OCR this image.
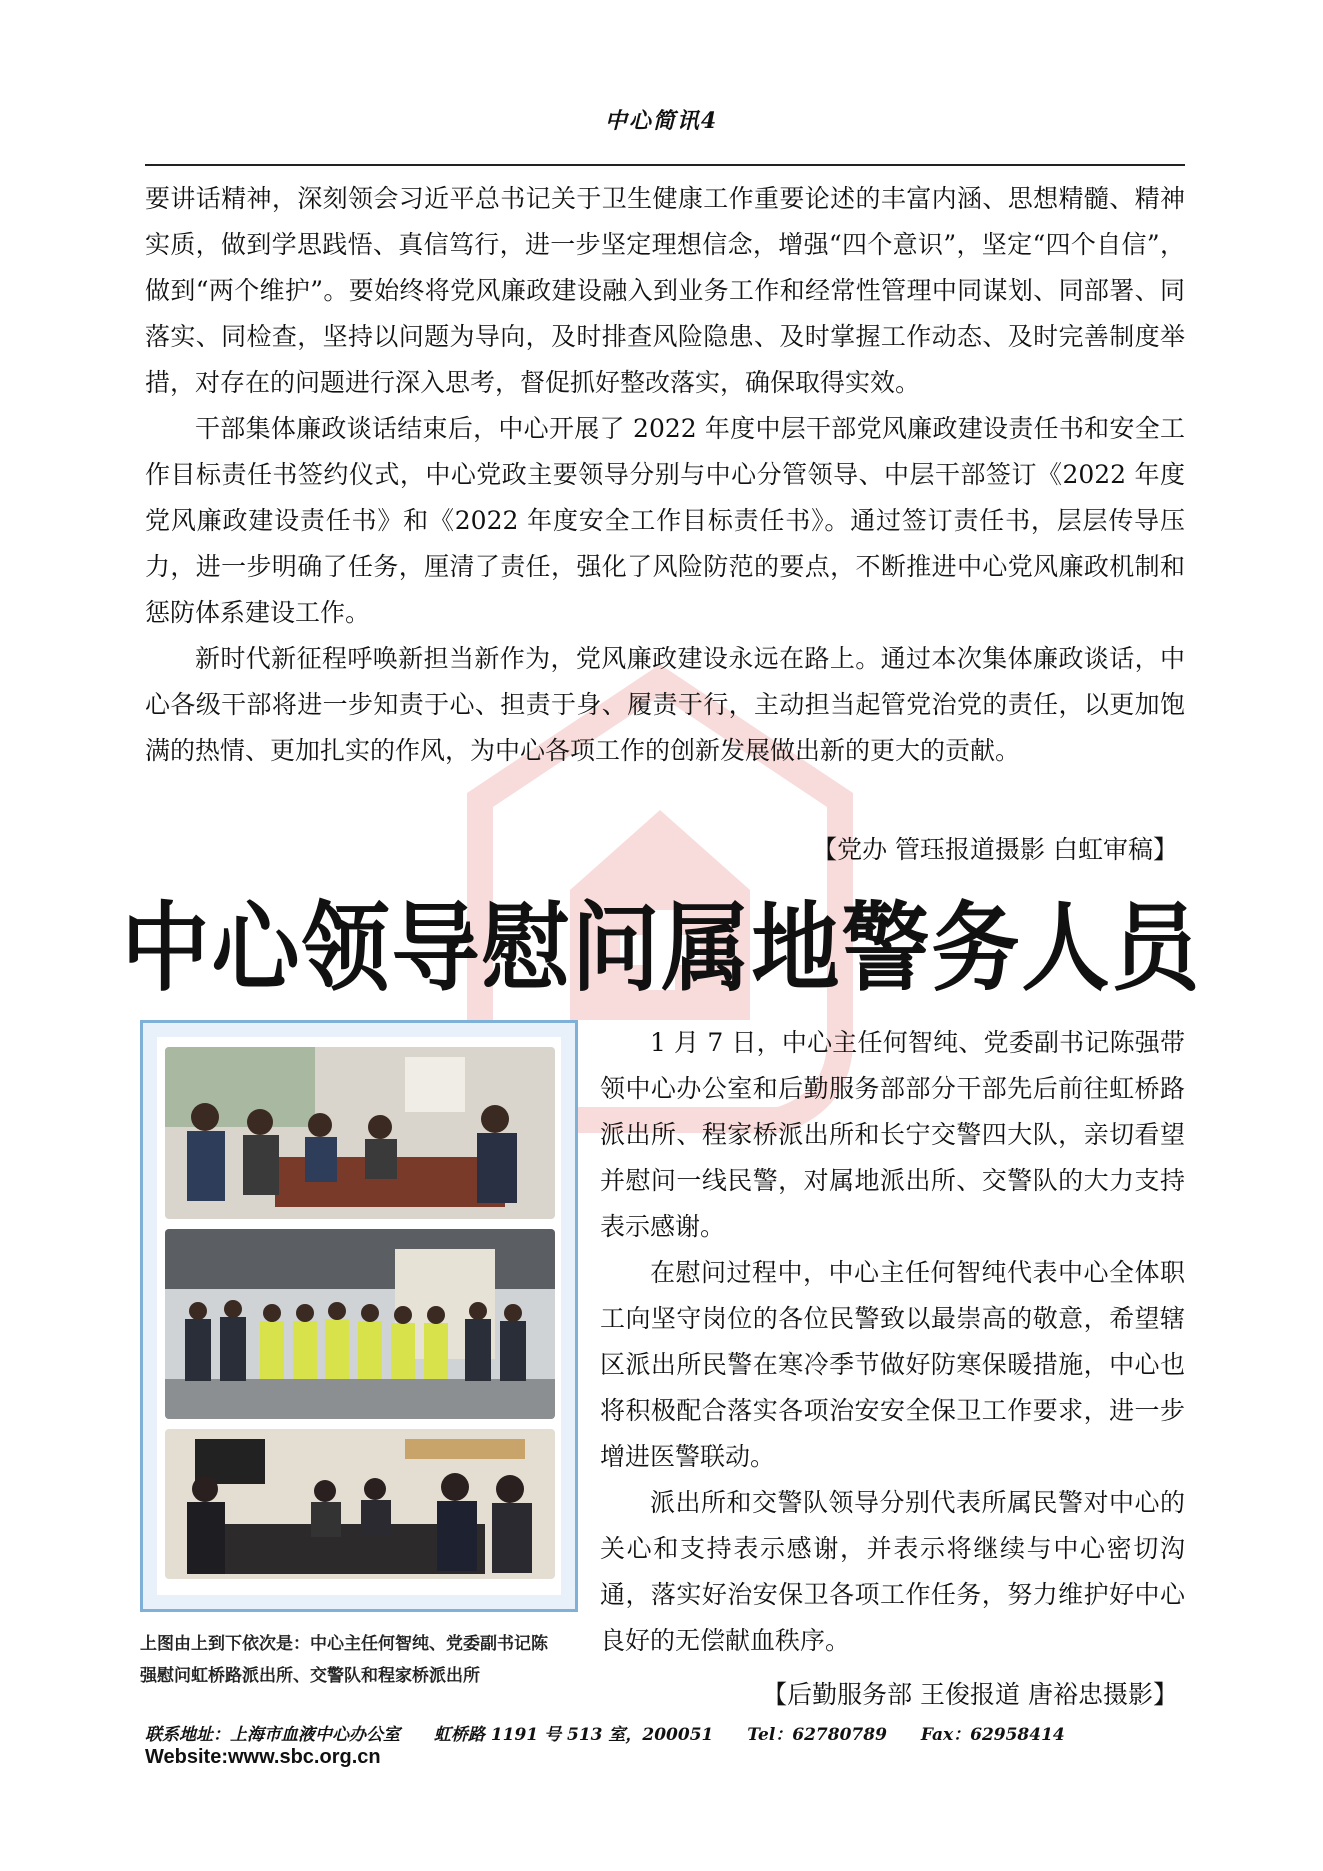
中心简讯4

要讲话精神，深刻领会习近平总书记关于卫生健康工作重要论述的丰富内涵、思想精髓、精神实质，做到学思践悟、真信笃行，进一步坚定理想信念，增强“四个意识”，坚定“四个自信”，做到“两个维护”。要始终将党风廉政建设融入到业务工作和经常性管理中同谋划、同部署、同落实、同检查，坚持以问题为导向，及时排查风险隐患、及时掌握工作动态、及时完善制度举措，对存在的问题进行深入思考，督促抓好整改落实，确保取得实效。

干部集体廉政谈话结束后，中心开展了 2022 年度中层干部党风廉政建设责任书和安全工作目标责任书签约仪式，中心党政主要领导分别与中心分管领导、中层干部签订《2022 年度党风廉政建设责任书》和《2022 年度安全工作目标责任书》。通过签订责任书，层层传导压力，进一步明确了任务，厘清了责任，强化了风险防范的要点，不断推进中心党风廉政机制和惩防体系建设工作。

新时代新征程呼唤新担当新作为，党风廉政建设永远在路上。通过本次集体廉政谈话，中心各级干部将进一步知责于心、担责于身、履责于行，主动担当起管党治党的责任，以更加饱满的热情、更加扎实的作风，为中心各项工作的创新发展做出新的更大的贡献。

【党办 管珏报道摄影 白虹审稿】
中心领导慰问属地警务人员
上图由上到下依次是：中心主任何智纯、党委副书记陈强慰问虹桥路派出所、交警队和程家桥派出所

1 月 7 日，中心主任何智纯、党委副书记陈强带领中心办公室和后勤服务部部分干部先后前往虹桥路派出所、程家桥派出所和长宁交警四大队，亲切看望并慰问一线民警，对属地派出所、交警队的大力支持表示感谢。

在慰问过程中，中心主任何智纯代表中心全体职工向坚守岗位的各位民警致以最崇高的敬意，希望辖区派出所民警在寒冷季节做好防寒保暖措施，中心也将积极配合落实各项治安安全保卫工作要求，进一步增进医警联动。

派出所和交警队领导分别代表所属民警对中心的关心和支持表示感谢，并表示将继续与中心密切沟通，落实好治安保卫各项工作任务，努力维护好中心良好的无偿献血秩序。

【后勤服务部 王俊报道 唐裕忠摄影】
联系地址：上海市血液中心办公室 虹桥路 1191 号 513 室，200051 Tel：62780789 Fax：62958414
Website:www.sbc.org.cn
